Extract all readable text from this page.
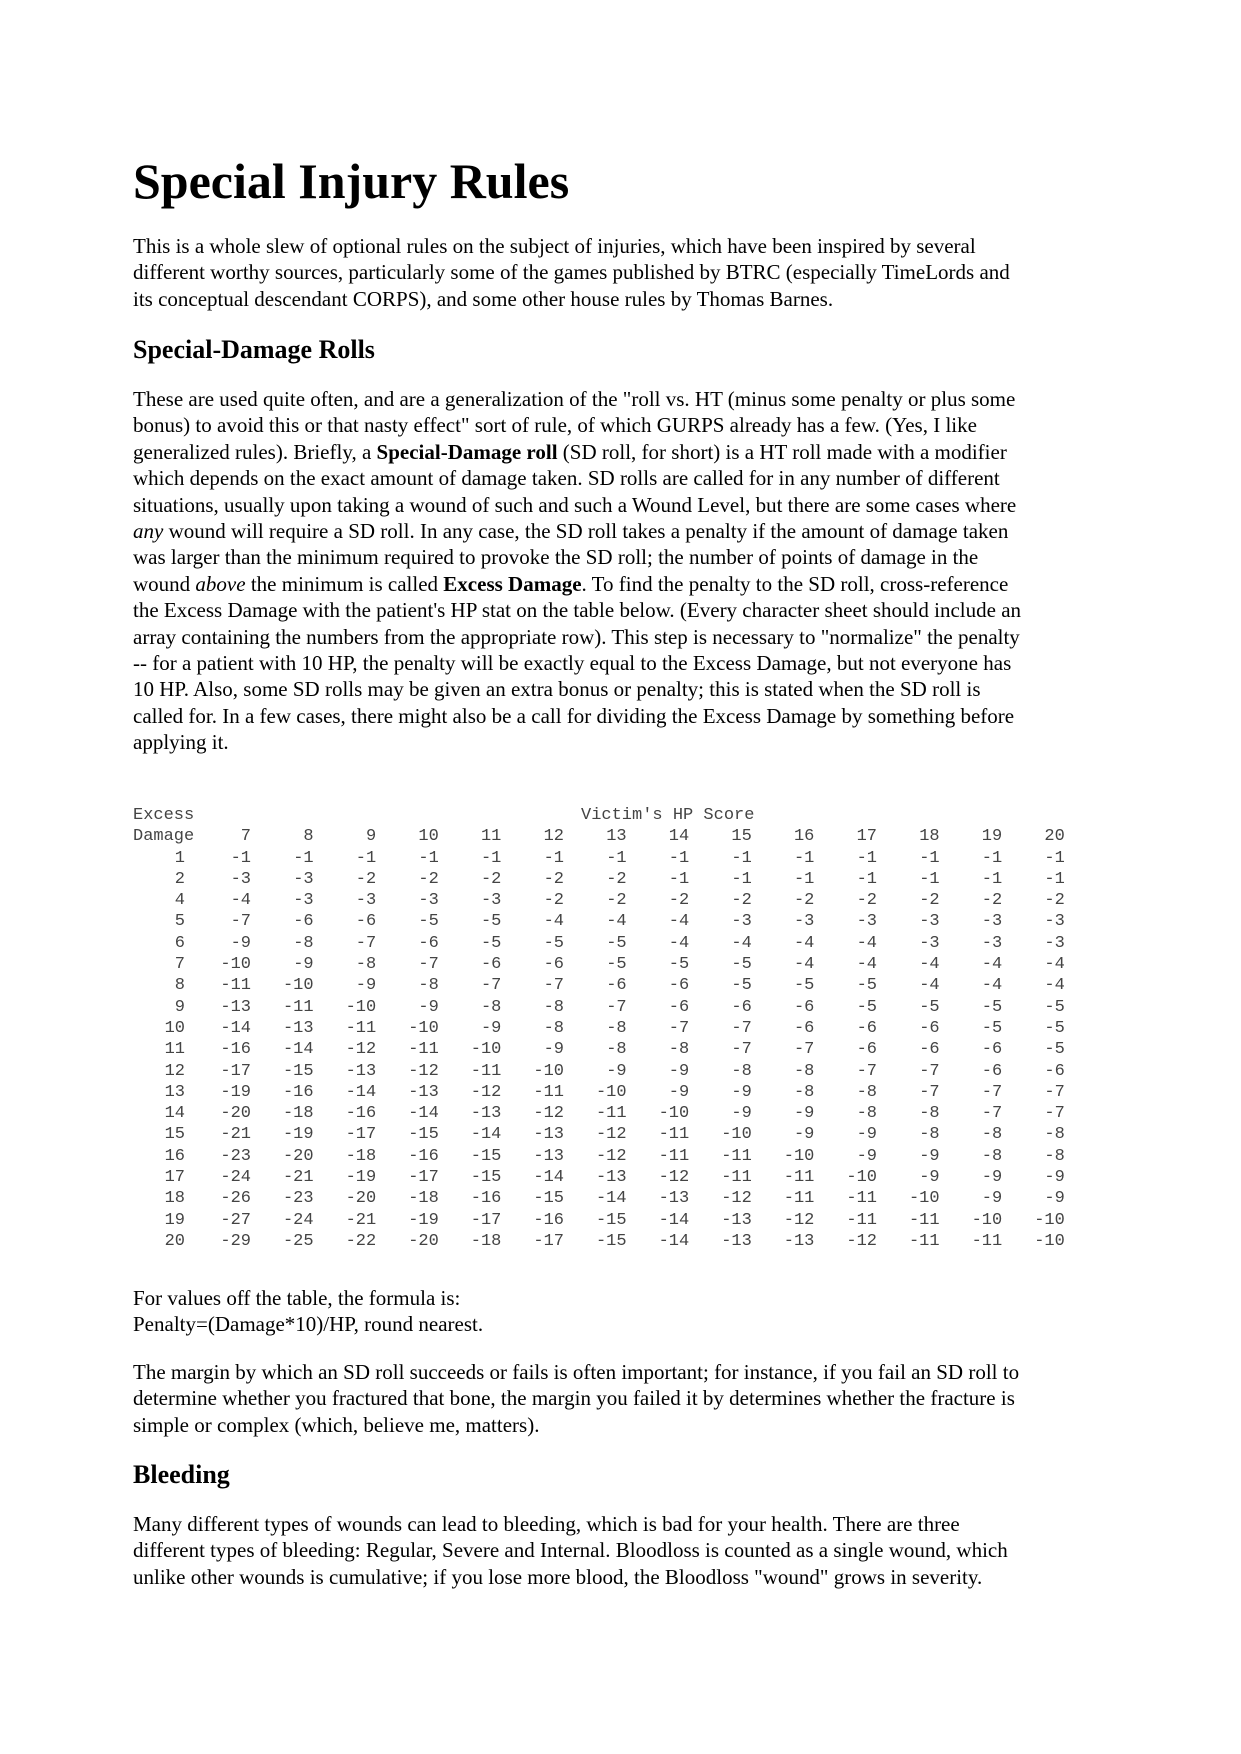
Special Injury Rules
This is a whole slew of optional rules on the subject of injuries, which have been inspired by several
different worthy sources, particularly some of the games published by BTRC (especially TimeLords and
its conceptual descendant CORPS), and some other house rules by Thomas Barnes.
Special-Damage Rolls
These are used quite often, and are a generalization of the "roll vs. HT (minus some penalty or plus some
bonus) to avoid this or that nasty effect" sort of rule, of which GURPS already has a few. (Yes, I like
generalized rules). Briefly, a Special-Damage roll (SD roll, for short) is a HT roll made with a modifier
which depends on the exact amount of damage taken. SD rolls are called for in any number of different
situations, usually upon taking a wound of such and such a Wound Level, but there are some cases where
any wound will require a SD roll. In any case, the SD roll takes a penalty if the amount of damage taken
was larger than the minimum required to provoke the SD roll; the number of points of damage in the
wound above the minimum is called Excess Damage. To find the penalty to the SD roll, cross-reference
the Excess Damage with the patient's HP stat on the table below. (Every character sheet should include an
array containing the numbers from the appropriate row). This step is necessary to "normalize" the penalty
-- for a patient with 10 HP, the penalty will be exactly equal to the Excess Damage, but not everyone has
10 HP. Also, some SD rolls may be given an extra bonus or penalty; this is stated when the SD roll is
called for. In a few cases, there might also be a call for dividing the Excess Damage by something before
applying it.
Excess	Victim's HP Score
Damage	7	8	9	10	11	12	13	14	15	16	17	18	19	20
1	-1	-1	-1	-1	-1	-1	-1	-1	-1	-1	-1	-1	-1	-1
2	-3	-3	-2	-2	-2	-2	-2	-1	-1	-1	-1	-1	-1	-1
4	-4	-3	-3	-3	-3	-2	-2	-2	-2	-2	-2	-2	-2	-2
5	-7	-6	-6	-5	-5	-4	-4	-4	-3	-3	-3	-3	-3	-3
6	-9	-8	-7	-6	-5	-5	-5	-4	-4	-4	-4	-3	-3	-3
7	-10	-9	-8	-7	-6	-6	-5	-5	-5	-4	-4	-4	-4	-4
8	-11	-10	-9	-8	-7	-7	-6	-6	-5	-5	-5	-4	-4	-4
9	-13	-11	-10	-9	-8	-8	-7	-6	-6	-6	-5	-5	-5	-5
10	-14	-13	-11	-10	-9	-8	-8	-7	-7	-6	-6	-6	-5	-5
11	-16	-14	-12	-11	-10	-9	-8	-8	-7	-7	-6	-6	-6	-5
12	-17	-15	-13	-12	-11	-10	-9	-9	-8	-8	-7	-7	-6	-6
13	-19	-16	-14	-13	-12	-11	-10	-9	-9	-8	-8	-7	-7	-7
14	-20	-18	-16	-14	-13	-12	-11	-10	-9	-9	-8	-8	-7	-7
15	-21	-19	-17	-15	-14	-13	-12	-11	-10	-9	-9	-8	-8	-8
16	-23	-20	-18	-16	-15	-13	-12	-11	-11	-10	-9	-9	-8	-8
17	-24	-21	-19	-17	-15	-14	-13	-12	-11	-11	-10	-9	-9	-9
18	-26	-23	-20	-18	-16	-15	-14	-13	-12	-11	-11	-10	-9	-9
19	-27	-24	-21	-19	-17	-16	-15	-14	-13	-12	-11	-11	-10	-10
20	-29	-25	-22	-20	-18	-17	-15	-14	-13	-13	-12	-11	-11	-10
For values off the table, the formula is:
Penalty=(Damage*10)/HP, round nearest.
The margin by which an SD roll succeeds or fails is often important; for instance, if you fail an SD roll to
determine whether you fractured that bone, the margin you failed it by determines whether the fracture is
simple or complex (which, believe me, matters).
Bleeding
Many different types of wounds can lead to bleeding, which is bad for your health. There are three
different types of bleeding: Regular, Severe and Internal. Bloodloss is counted as a single wound, which
unlike other wounds is cumulative; if you lose more blood, the Bloodloss "wound" grows in severity.
